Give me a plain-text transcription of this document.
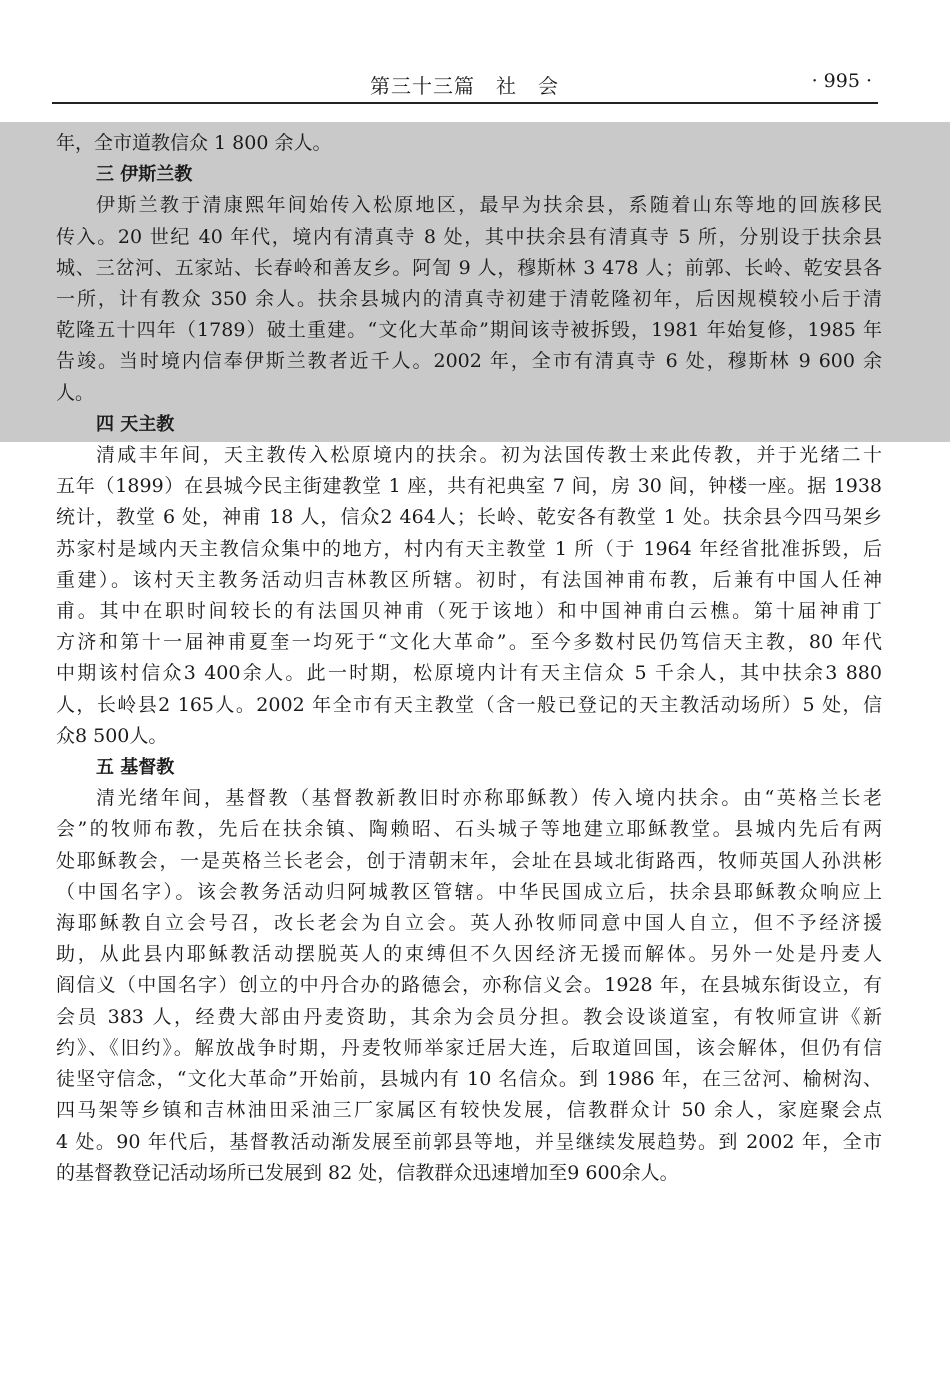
第三十三篇　社　会	· 995 ·
年，全市道教信众 1 800 余人。
三 伊斯兰教
伊斯兰教于清康熙年间始传入松原地区，最早为扶余县，系随着山东等地的回族移民
传入。20 世纪 40 年代，境内有清真寺 8 处，其中扶余县有清真寺 5 所，分别设于扶余县
城、三岔河、五家站、长春岭和善友乡。阿訇 9 人，穆斯林 3 478 人；前郭、长岭、乾安县各
一所，计有教众 350 余人。扶余县城内的清真寺初建于清乾隆初年，后因规模较小后于清
乾隆五十四年（1789）破土重建。“文化大革命”期间该寺被拆毁，1981 年始复修，1985 年
告竣。当时境内信奉伊斯兰教者近千人。2002 年，全市有清真寺 6 处，穆斯林 9 600 余
人。
四 天主教
清咸丰年间，天主教传入松原境内的扶余。初为法国传教士来此传教，并于光绪二十
五年（1899）在县城今民主街建教堂 1 座，共有祀典室 7 间，房 30 间，钟楼一座。据 1938
统计，教堂 6 处，神甫 18 人，信众2 464人；长岭、乾安各有教堂 1 处。扶余县今四马架乡
苏家村是域内天主教信众集中的地方，村内有天主教堂 1 所（于 1964 年经省批准拆毁，后
重建）。该村天主教务活动归吉林教区所辖。初时，有法国神甫布教，后兼有中国人任神
甫。其中在职时间较长的有法国贝神甫（死于该地）和中国神甫白云樵。第十届神甫丁
方济和第十一届神甫夏奎一均死于“文化大革命”。至今多数村民仍笃信天主教，80 年代
中期该村信众3 400余人。此一时期，松原境内计有天主信众 5 千余人，其中扶余3 880
人，长岭县2 165人。2002 年全市有天主教堂（含一般已登记的天主教活动场所）5 处，信
众8 500人。
五 基督教
清光绪年间，基督教（基督教新教旧时亦称耶稣教）传入境内扶余。由“英格兰长老
会”的牧师布教，先后在扶余镇、陶赖昭、石头城子等地建立耶稣教堂。县城内先后有两
处耶稣教会，一是英格兰长老会，创于清朝末年，会址在县域北街路西，牧师英国人孙洪彬
（中国名字）。该会教务活动归阿城教区管辖。中华民国成立后，扶余县耶稣教众响应上
海耶稣教自立会号召，改长老会为自立会。英人孙牧师同意中国人自立，但不予经济援
助，从此县内耶稣教活动摆脱英人的束缚但不久因经济无援而解体。另外一处是丹麦人
阎信义（中国名字）创立的中丹合办的路德会，亦称信义会。1928 年，在县城东街设立，有
会员 383 人，经费大部由丹麦资助，其余为会员分担。教会设谈道室，有牧师宣讲《新
约》、《旧约》。解放战争时期，丹麦牧师举家迁居大连，后取道回国，该会解体，但仍有信
徒坚守信念，“文化大革命”开始前，县城内有 10 名信众。到 1986 年，在三岔河、榆树沟、
四马架等乡镇和吉林油田采油三厂家属区有较快发展，信教群众计 50 余人，家庭聚会点
4 处。90 年代后，基督教活动渐发展至前郭县等地，并呈继续发展趋势。到 2002 年，全市
的基督教登记活动场所已发展到 82 处，信教群众迅速增加至9 600余人。
